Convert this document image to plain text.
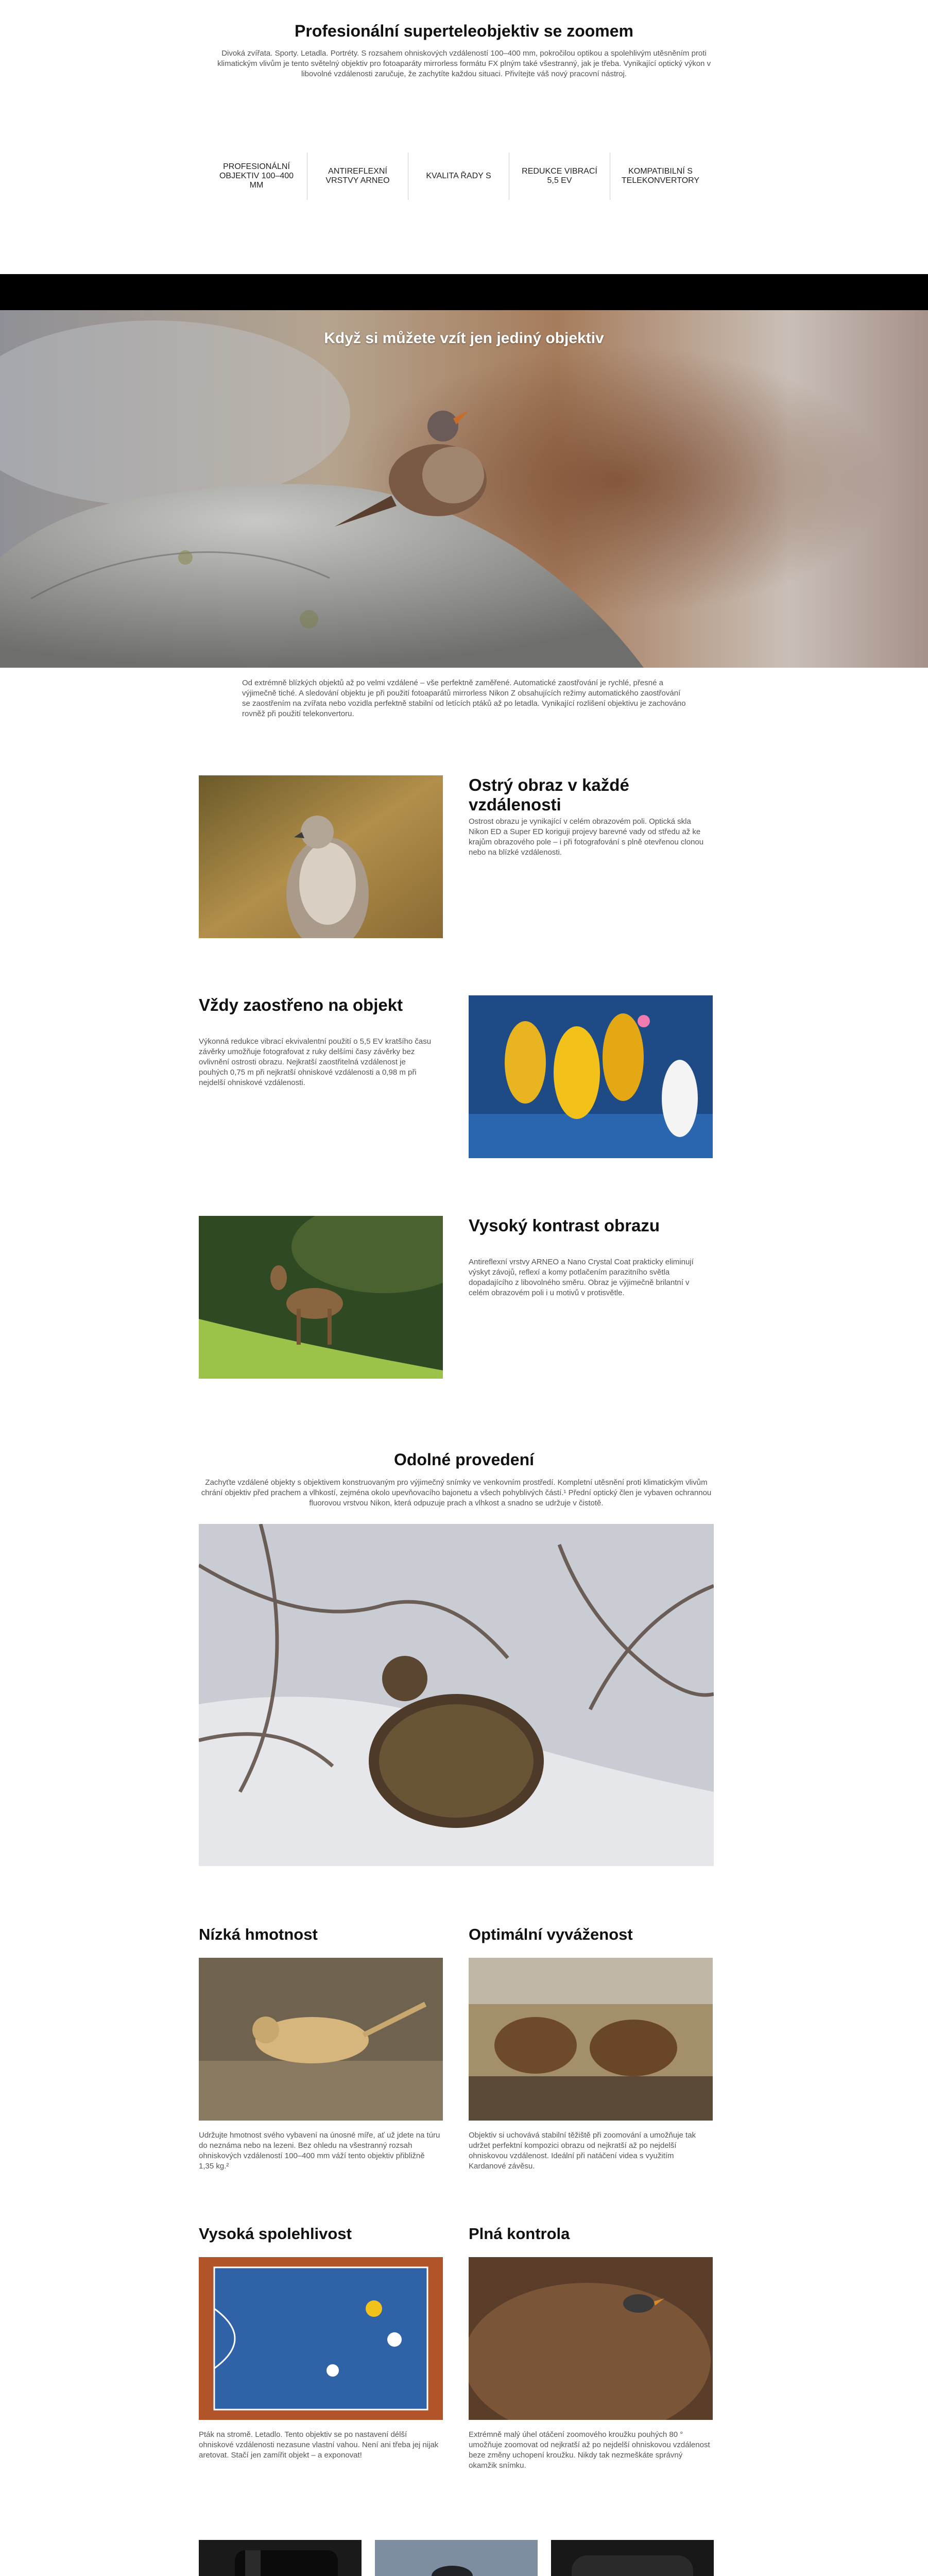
Profesionální superteleobjektiv se zoomem
Divoká zvířata. Sporty. Letadla. Portréty. S rozsahem ohniskových vzdáleností 100–400 mm, pokročilou optikou a spolehlivým utěsněním proti klimatickým vlivům je tento světelný objektiv pro fotoaparáty mirrorless formátu FX plným také všestranný, jak je třeba. Vynikající optický výkon v libovolné vzdálenosti zaručuje, že zachytíte každou situaci. Přivítejte váš nový pracovní nástroj.
PROFESIONÁLNÍ OBJEKTIV 100–400 MM
ANTIREFLEXNÍ VRSTVY ARNEO
KVALITA ŘADY S
REDUKCE VIBRACÍ 5,5 EV
KOMPATIBILNÍ S TELEKONVERTORY
Když si můžete vzít jen jediný objektiv
Od extrémně blízkých objektů až po velmi vzdálené – vše perfektně zaměřené. Automatické zaostřování je rychlé, přesné a výjimečně tiché. A sledování objektu je při použití fotoaparátů mirrorless Nikon Z obsahujících režimy automatického zaostřování se zaostřením na zvířata nebo vozidla perfektně stabilní od letících ptáků až po letadla. Vynikající rozlišení objektivu je zachováno rovněž při použití telekonvertoru.
Ostrý obraz v každé vzdálenosti
Ostrost obrazu je vynikající v celém obrazovém poli. Optická skla Nikon ED a Super ED koriguji projevy barevné vady od středu až ke krajům obrazového pole – i při fotografování s plně otevřenou clonou nebo na blízké vzdálenosti.
Vždy zaostřeno na objekt
Výkonná redukce vibrací ekvivalentní použití o 5,5 EV kratšího času závěrky umožňuje fotografovat z ruky delšími časy závěrky bez ovlivnění ostrosti obrazu. Nejkratší zaostřitelná vzdálenost je pouhých 0,75 m při nejkratší ohniskové vzdálenosti a 0,98 m při nejdelší ohniskové vzdálenosti.
Vysoký kontrast obrazu
Antireflexní vrstvy ARNEO a Nano Crystal Coat prakticky eliminují výskyt závojů, reflexí a komy potlačením parazitního světla dopadajícího z libovolného směru. Obraz je výjimečně brilantní v celém obrazovém poli i u motivů v protisvětle.
Odolné provedení
Zachyťte vzdálené objekty s objektivem konstruovaným pro výjimečný snímky ve venkovním prostředí. Kompletní utěsnění proti klimatickým vlivům chrání objektiv před prachem a vlhkostí, zejména okolo upevňovacího bajonetu a všech pohyblivých částí.¹ Přední optický člen je vybaven ochrannou fluorovou vrstvou Nikon, která odpuzuje prach a vlhkost a snadno se udržuje v čistotě.
Nízká hmotnost
Udržujte hmotnost svého vybavení na únosné míře, ať už jdete na túru do neznáma nebo na lezeni. Bez ohledu na všestranný rozsah ohniskových vzdáleností 100–400 mm váží tento objektiv přibližně 1,35 kg.²
Optimální vyváženost
Objektiv si uchovává stabilní těžiště při zoomování a umožňuje tak udržet perfektní kompozici obrazu od nejkratší až po nejdelší ohniskovou vzdálenost. Ideální při natáčení videa s využitím Kardanové závěsu.
Vysoká spolehlivost
Pták na stromě. Letadlo. Tento objektiv se po nastavení délší ohniskové vzdálenosti nezasune vlastní vahou. Není ani třeba jej nijak aretovat. Stačí jen zamířit objekt – a exponovat!
Plná kontrola
Extrémně malý úhel otáčení zoomového kroužku pouhých 80 ° umožňuje zoomovat od nejkratší až po nejdelší ohniskovou vzdálenost beze změny uchopení kroužku. Nikdy tak nezmeškáte správný okamžik snímku.
